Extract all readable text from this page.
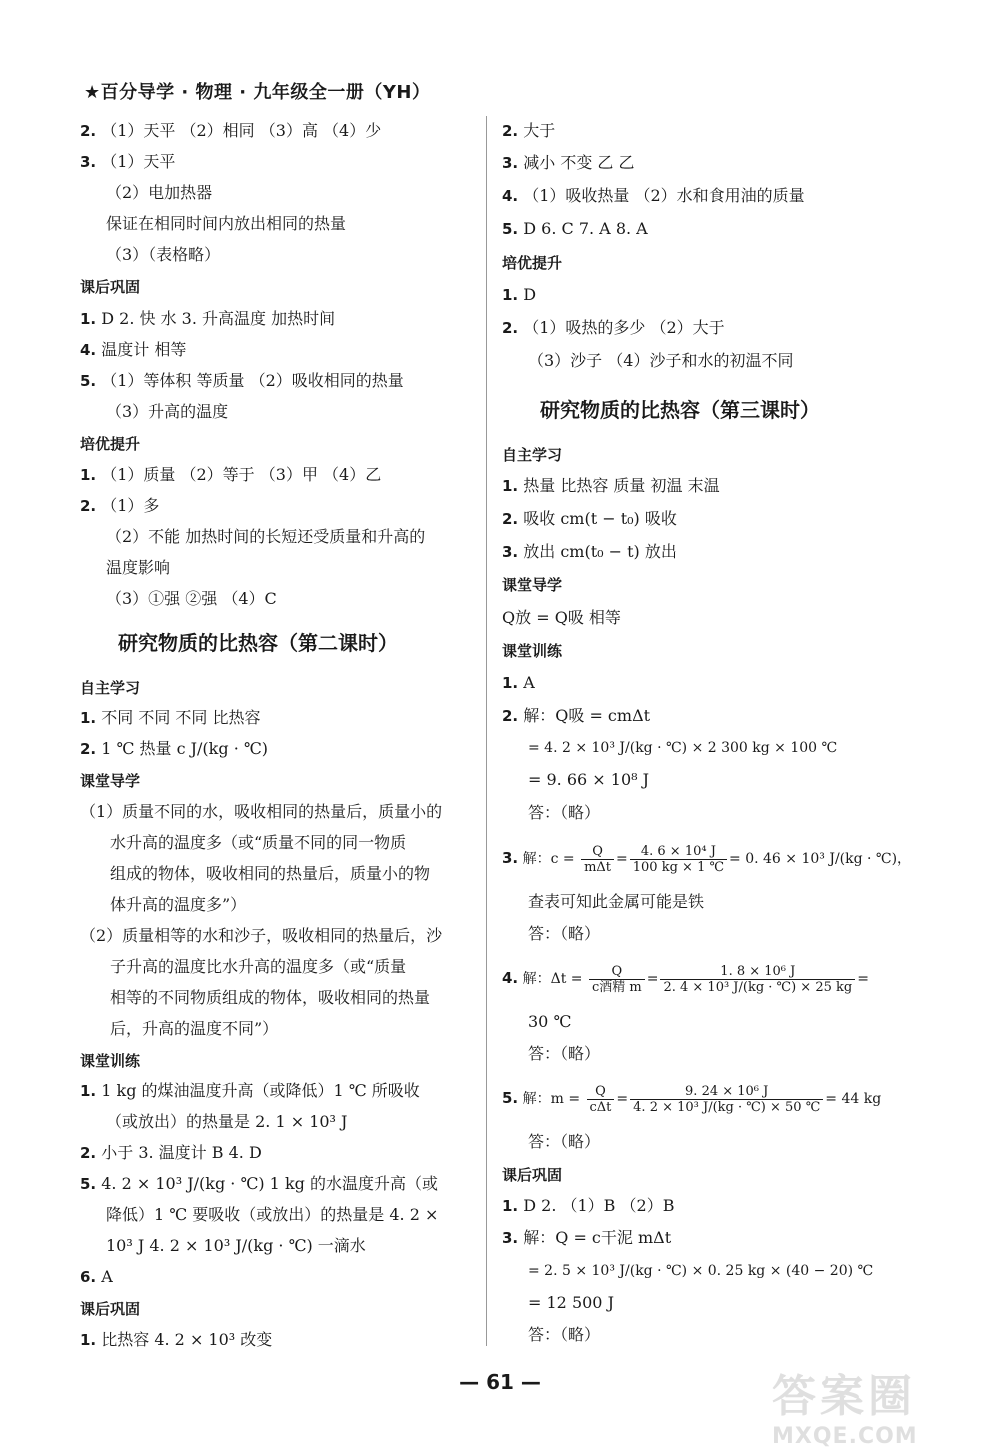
★百分导学 · 物理 · 九年级全一册（YH）
2. （1）天平 （2）相同 （3）高 （4）少
3. （1）天平
（2）电加热器
保证在相同时间内放出相同的热量
（3）（表格略）
课后巩固
1. D 2. 快 水 3. 升高温度 加热时间
4. 温度计 相等
5. （1）等体积 等质量 （2）吸收相同的热量
（3）升高的温度
培优提升
1. （1）质量 （2）等于 （3）甲 （4）乙
2. （1）多
（2）不能 加热时间的长短还受质量和升高的
温度影响
（3）①强 ②强 （4）C
研究物质的比热容（第二课时）
自主学习
1. 不同 不同 不同 比热容
2. 1 ℃ 热量 c J/(kg · ℃)
课堂导学
（1）质量不同的水，吸收相同的热量后，质量小的
水升高的温度多（或“质量不同的同一物质
组成的物体，吸收相同的热量后，质量小的物
体升高的温度多”）
（2）质量相等的水和沙子，吸收相同的热量后，沙
子升高的温度比水升高的温度多（或“质量
相等的不同物质组成的物体，吸收相同的热量
后，升高的温度不同”）
课堂训练
1. 1 kg 的煤油温度升高（或降低）1 ℃ 所吸收
（或放出）的热量是 2. 1 × 10³ J
2. 小于 3. 温度计 B 4. D
5. 4. 2 × 10³ J/(kg · ℃) 1 kg 的水温度升高（或
降低）1 ℃ 要吸收（或放出）的热量是 4. 2 ×
10³ J 4. 2 × 10³ J/(kg · ℃) 一滴水
6. A
课后巩固
1. 比热容 4. 2 × 10³ 改变
2. 大于
3. 减小 不变 乙 乙
4. （1）吸收热量 （2）水和食用油的质量
5. D 6. C 7. A 8. A
培优提升
1. D
2. （1）吸热的多少 （2）大于
（3）沙子 （4）沙子和水的初温不同
研究物质的比热容（第三课时）
自主学习
1. 热量 比热容 质量 初温 末温
2. 吸收 cm(t − t₀) 吸收
3. 放出 cm(t₀ − t) 放出
课堂导学
Q放 = Q吸 相等
课堂训练
1. A
2. 解：Q吸 = cmΔt
= 4. 2 × 10³ J/(kg · ℃) × 2 300 kg × 100 ℃
= 9. 66 × 10⁸ J
答：（略）
3. 解：$c = \frac{Q}{\text{mΔt}} = \frac{\text{4. 6 × 10⁴ J}}{100 kg \times 1 ℃} = 0$. 46 × 10³ J/(kg · ℃)，
查表可知此金属可能是铁
答：（略）
4. 解：$\Delta t = \frac{Q}{\text{c酒精 m}} = \frac{\text{1. 8 × 10⁶ J}}{\text{2. 4 × 10³ J/(kg · ℃) × 25 kg}}$ =
30 ℃
答：（略）
5. 解：$m = \frac{Q}{\text{cΔt}} = \frac{\text{9. 24 × 10⁶ J}}{\text{4. 2 × 10³ J/(kg · ℃) × 50 ℃}} = 44$ kg
答：（略）
课后巩固
1. D 2. （1）B （2）B
3. 解：Q = c干泥 mΔt
= 2. 5 × 10³ J/(kg · ℃) × 0. 25 kg × (40 − 20) ℃
= 12 500 J
答：（略）
— 61 —	答案圈
MXQE.COM
